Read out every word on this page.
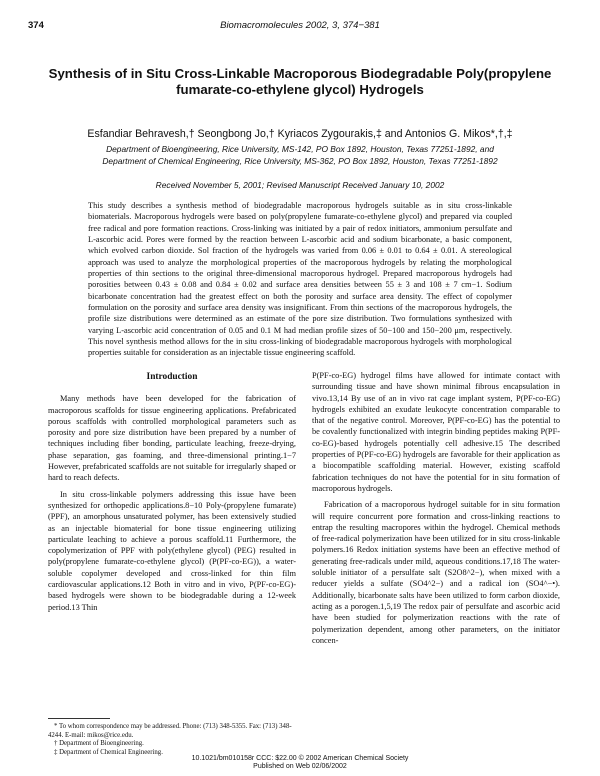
374	Biomacromolecules 2002, 3, 374−381
Synthesis of in Situ Cross-Linkable Macroporous Biodegradable Poly(propylene fumarate-co-ethylene glycol) Hydrogels
Esfandiar Behravesh,† Seongbong Jo,† Kyriacos Zygourakis,‡ and Antonios G. Mikos*,†,‡
Department of Bioengineering, Rice University, MS-142, PO Box 1892, Houston, Texas 77251-1892, and
Department of Chemical Engineering, Rice University, MS-362, PO Box 1892, Houston, Texas 77251-1892
Received November 5, 2001; Revised Manuscript Received January 10, 2002
This study describes a synthesis method of biodegradable macroporous hydrogels suitable as in situ cross-linkable biomaterials. Macroporous hydrogels were based on poly(propylene fumarate-co-ethylene glycol) and prepared via coupled free radical and pore formation reactions. Cross-linking was initiated by a pair of redox initiators, ammonium persulfate and L-ascorbic acid. Pores were formed by the reaction between L-ascorbic acid and sodium bicarbonate, a basic component, which evolved carbon dioxide. Sol fraction of the hydrogels was varied from 0.06 ± 0.01 to 0.64 ± 0.01. A stereological approach was used to analyze the morphological properties of the macroporous hydrogels by relating the morphological properties of thin sections to the original three-dimensional macroporous hydrogel. Prepared macroporous hydrogels had porosities between 0.43 ± 0.08 and 0.84 ± 0.02 and surface area densities between 55 ± 3 and 108 ± 7 cm−1. Sodium bicarbonate concentration had the greatest effect on both the porosity and surface area density. The effect of copolymer formulation on the porosity and surface area density was insignificant. From thin sections of the macroporous hydrogels, the profile size distributions were determined as an estimate of the pore size distribution. Two formulations synthesized with varying L-ascorbic acid concentration of 0.05 and 0.1 M had median profile sizes of 50−100 and 150−200 μm, respectively. This novel synthesis method allows for the in situ cross-linking of biodegradable macroporous hydrogels with morphological properties suitable for consideration as an injectable tissue engineering scaffold.
Introduction

Many methods have been developed for the fabrication of macroporous scaffolds for tissue engineering applications. Prefabricated porous scaffolds with controlled morphological parameters such as porosity and pore size distribution have been prepared by a number of techniques including fiber bonding, particulate leaching, freeze-drying, phase separation, gas foaming, and three-dimensional printing.1−7 However, prefabricated scaffolds are not suitable for irregularly shaped or hard to reach defects.

In situ cross-linkable polymers addressing this issue have been synthesized for orthopedic applications.8−10 Poly-(propylene fumarate) (PPF), an amorphous unsaturated polymer, has been extensively studied as an injectable biomaterial for bone tissue engineering utilizing particulate leaching to achieve a porous scaffold.11 Furthermore, the copolymerization of PPF with poly(ethylene glycol) (PEG) resulted in poly(propylene fumarate-co-ethylene glycol) (P(PF-co-EG)), a water-soluble copolymer developed and cross-linked for thin film cardiovascular applications.12 Both in vitro and in vivo, P(PF-co-EG)-based hydrogels were shown to be biodegradable during a 12-week period.13 Thin

P(PF-co-EG) hydrogel films have allowed for intimate contact with surrounding tissue and have shown minimal fibrous encapsulation in vivo.13,14 By use of an in vivo rat cage implant system, P(PF-co-EG) hydrogels exhibited an exudate leukocyte concentration comparable to that of the negative control. Moreover, P(PF-co-EG) has the potential to be covalently functionalized with integrin binding peptides making P(PF-co-EG)-based hydrogels potentially cell adhesive.15 The described properties of P(PF-co-EG) hydrogels are favorable for their application as a biocompatible scaffolding material. However, existing scaffold fabrication techniques do not have the potential for in situ formation of macroporous hydrogels.

Fabrication of a macroporous hydrogel suitable for in situ formation will require concurrent pore formation and cross-linking reactions to entrap the resulting macropores within the hydrogel. Chemical methods of free-radical polymerization have been utilized for in situ cross-linkable polymers.16 Redox initiation systems have been an effective method of generating free-radicals under mild, aqueous conditions.17,18 The water-soluble initiator of a persulfate salt (S2O8^2−), when mixed with a reducer yields a sulfate (SO4^2−) and a radical ion (SO4^−•). Additionally, bicarbonate salts have been utilized to form carbon dioxide, acting as a porogen.1,5,19 The redox pair of persulfate and ascorbic acid have been studied for polymerization reactions with the rate of polymerization dependent, among other parameters, on the initiator concen-

* To whom correspondence may be addressed. Phone: (713) 348-5355. Fax: (713) 348-4244. E-mail: mikos@rice.edu.
† Department of Bioengineering.
‡ Department of Chemical Engineering.
10.1021/bm010158r CCC: $22.00 © 2002 American Chemical Society
Published on Web 02/06/2002
